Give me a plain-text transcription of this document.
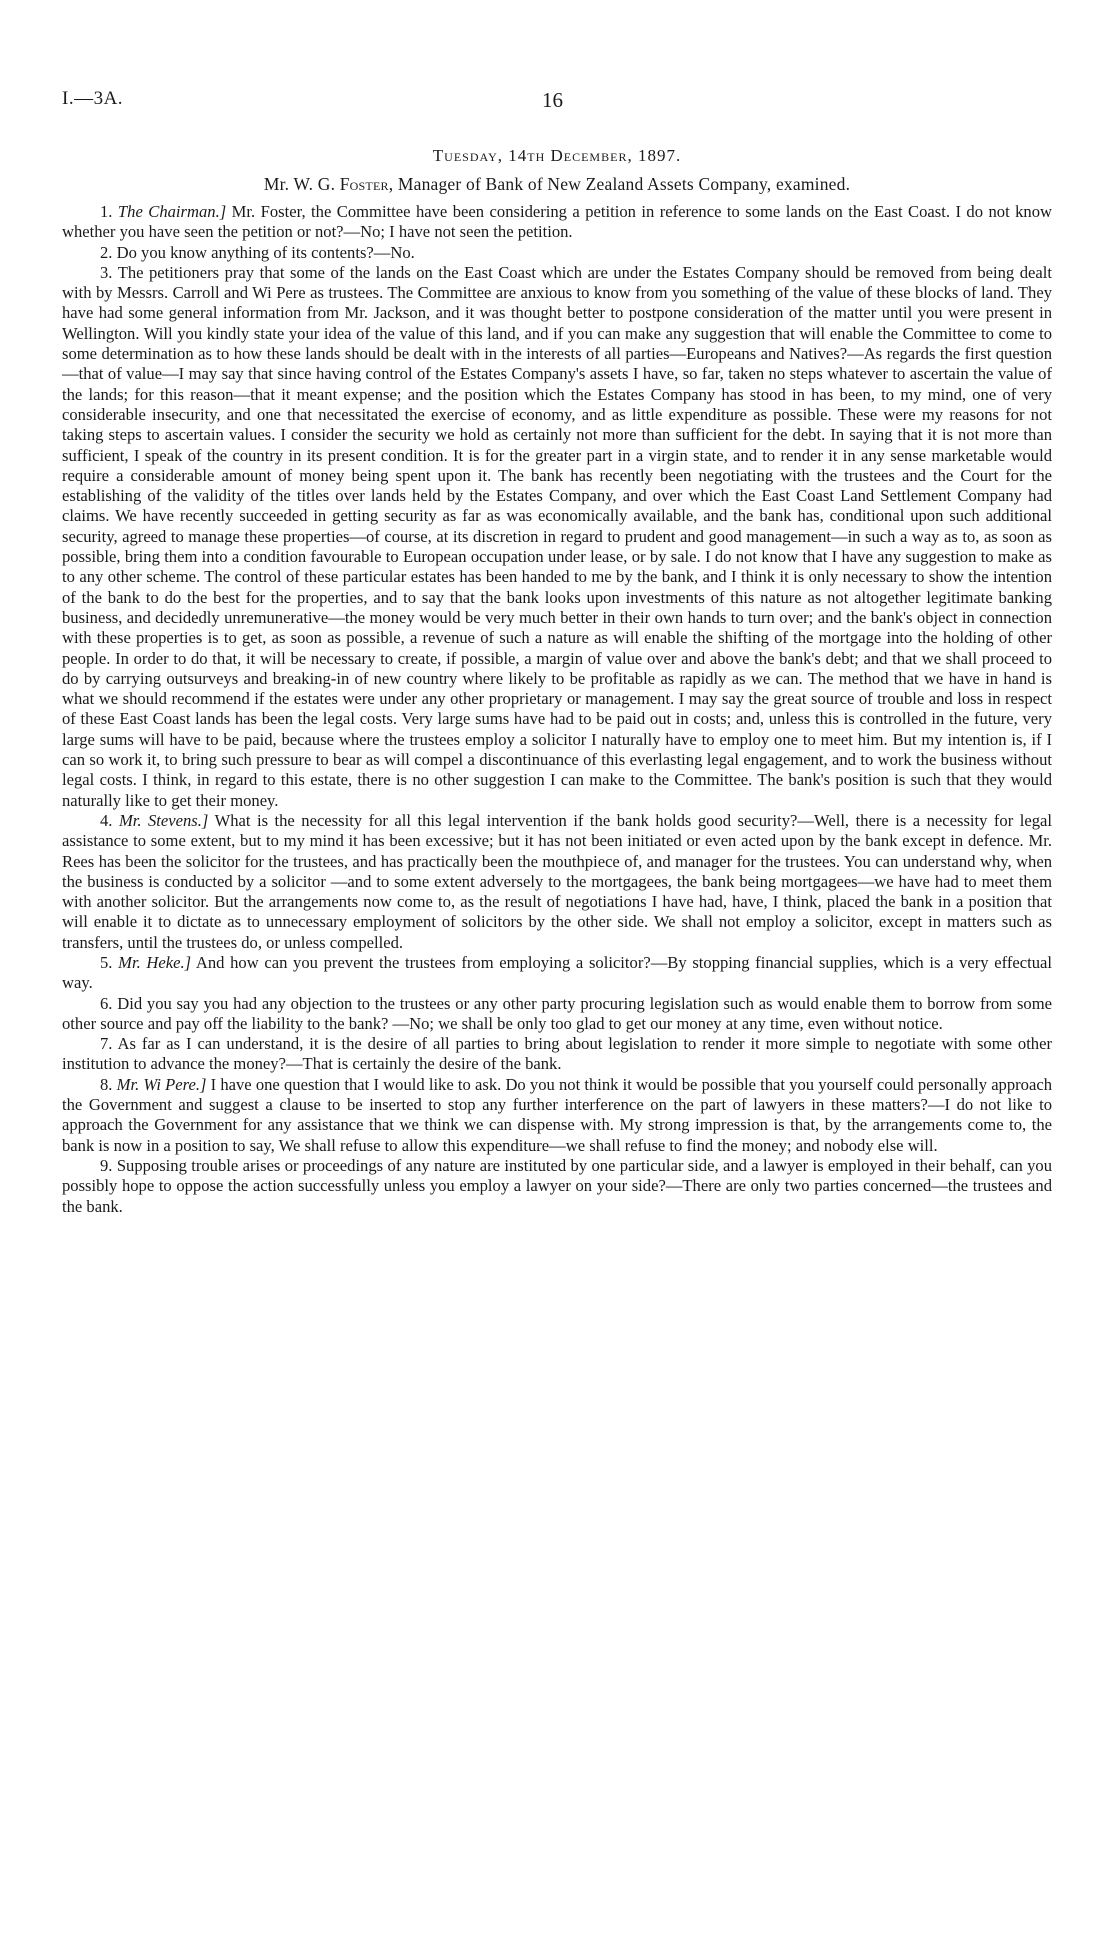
I.—3A.	16
Tuesday, 14th December, 1897.
Mr. W. G. Foster, Manager of Bank of New Zealand Assets Company, examined.

1. The Chairman.] Mr. Foster, the Committee have been considering a petition in reference to some lands on the East Coast. I do not know whether you have seen the petition or not?—No; I have not seen the petition.

2. Do you know anything of its contents?—No.

3. The petitioners pray that some of the lands on the East Coast which are under the Estates Company should be removed from being dealt with by Messrs. Carroll and Wi Pere as trustees. The Committee are anxious to know from you something of the value of these blocks of land. They have had some general information from Mr. Jackson, and it was thought better to postpone consideration of the matter until you were present in Wellington. Will you kindly state your idea of the value of this land, and if you can make any suggestion that will enable the Committee to come to some determination as to how these lands should be dealt with in the interests of all parties—Europeans and Natives?—As regards the first question—that of value—I may say that since having control of the Estates Company's assets I have, so far, taken no steps whatever to ascertain the value of the lands; for this reason—that it meant expense; and the position which the Estates Company has stood in has been, to my mind, one of very considerable insecurity, and one that necessitated the exercise of economy, and as little expenditure as possible. These were my reasons for not taking steps to ascertain values. I consider the security we hold as certainly not more than sufficient for the debt. In saying that it is not more than sufficient, I speak of the country in its present condition. It is for the greater part in a virgin state, and to render it in any sense marketable would require a considerable amount of money being spent upon it. The bank has recently been negotiating with the trustees and the Court for the establishing of the validity of the titles over lands held by the Estates Company, and over which the East Coast Land Settlement Company had claims. We have recently succeeded in getting security as far as was economically available, and the bank has, conditional upon such additional security, agreed to manage these properties—of course, at its discretion in regard to prudent and good management—in such a way as to, as soon as possible, bring them into a condition favourable to European occupation under lease, or by sale. I do not know that I have any suggestion to make as to any other scheme. The control of these particular estates has been handed to me by the bank, and I think it is only necessary to show the intention of the bank to do the best for the properties, and to say that the bank looks upon investments of this nature as not altogether legitimate banking business, and decidedly unremunerative—the money would be very much better in their own hands to turn over; and the bank's object in connection with these properties is to get, as soon as possible, a revenue of such a nature as will enable the shifting of the mortgage into the holding of other people. In order to do that, it will be necessary to create, if possible, a margin of value over and above the bank's debt; and that we shall proceed to do by carrying outsurveys and breaking-in of new country where likely to be profitable as rapidly as we can. The method that we have in hand is what we should recommend if the estates were under any other proprietary or management. I may say the great source of trouble and loss in respect of these East Coast lands has been the legal costs. Very large sums have had to be paid out in costs; and, unless this is controlled in the future, very large sums will have to be paid, because where the trustees employ a solicitor I naturally have to employ one to meet him. But my intention is, if I can so work it, to bring such pressure to bear as will compel a discontinuance of this everlasting legal engagement, and to work the business without legal costs. I think, in regard to this estate, there is no other suggestion I can make to the Committee. The bank's position is such that they would naturally like to get their money.

4. Mr. Stevens.] What is the necessity for all this legal intervention if the bank holds good security?—Well, there is a necessity for legal assistance to some extent, but to my mind it has been excessive; but it has not been initiated or even acted upon by the bank except in defence. Mr. Rees has been the solicitor for the trustees, and has practically been the mouthpiece of, and manager for the trustees. You can understand why, when the business is conducted by a solicitor —and to some extent adversely to the mortgagees, the bank being mortgagees—we have had to meet them with another solicitor. But the arrangements now come to, as the result of negotiations I have had, have, I think, placed the bank in a position that will enable it to dictate as to unnecessary employment of solicitors by the other side. We shall not employ a solicitor, except in matters such as transfers, until the trustees do, or unless compelled.

5. Mr. Heke.] And how can you prevent the trustees from employing a solicitor?—By stopping financial supplies, which is a very effectual way.

6. Did you say you had any objection to the trustees or any other party procuring legislation such as would enable them to borrow from some other source and pay off the liability to the bank? —No; we shall be only too glad to get our money at any time, even without notice.

7. As far as I can understand, it is the desire of all parties to bring about legislation to render it more simple to negotiate with some other institution to advance the money?—That is certainly the desire of the bank.

8. Mr. Wi Pere.] I have one question that I would like to ask. Do you not think it would be possible that you yourself could personally approach the Government and suggest a clause to be inserted to stop any further interference on the part of lawyers in these matters?—I do not like to approach the Government for any assistance that we think we can dispense with. My strong impression is that, by the arrangements come to, the bank is now in a position to say, We shall refuse to allow this expenditure—we shall refuse to find the money; and nobody else will.

9. Supposing trouble arises or proceedings of any nature are instituted by one particular side, and a lawyer is employed in their behalf, can you possibly hope to oppose the action successfully unless you employ a lawyer on your side?—There are only two parties concerned—the trustees and the bank.
